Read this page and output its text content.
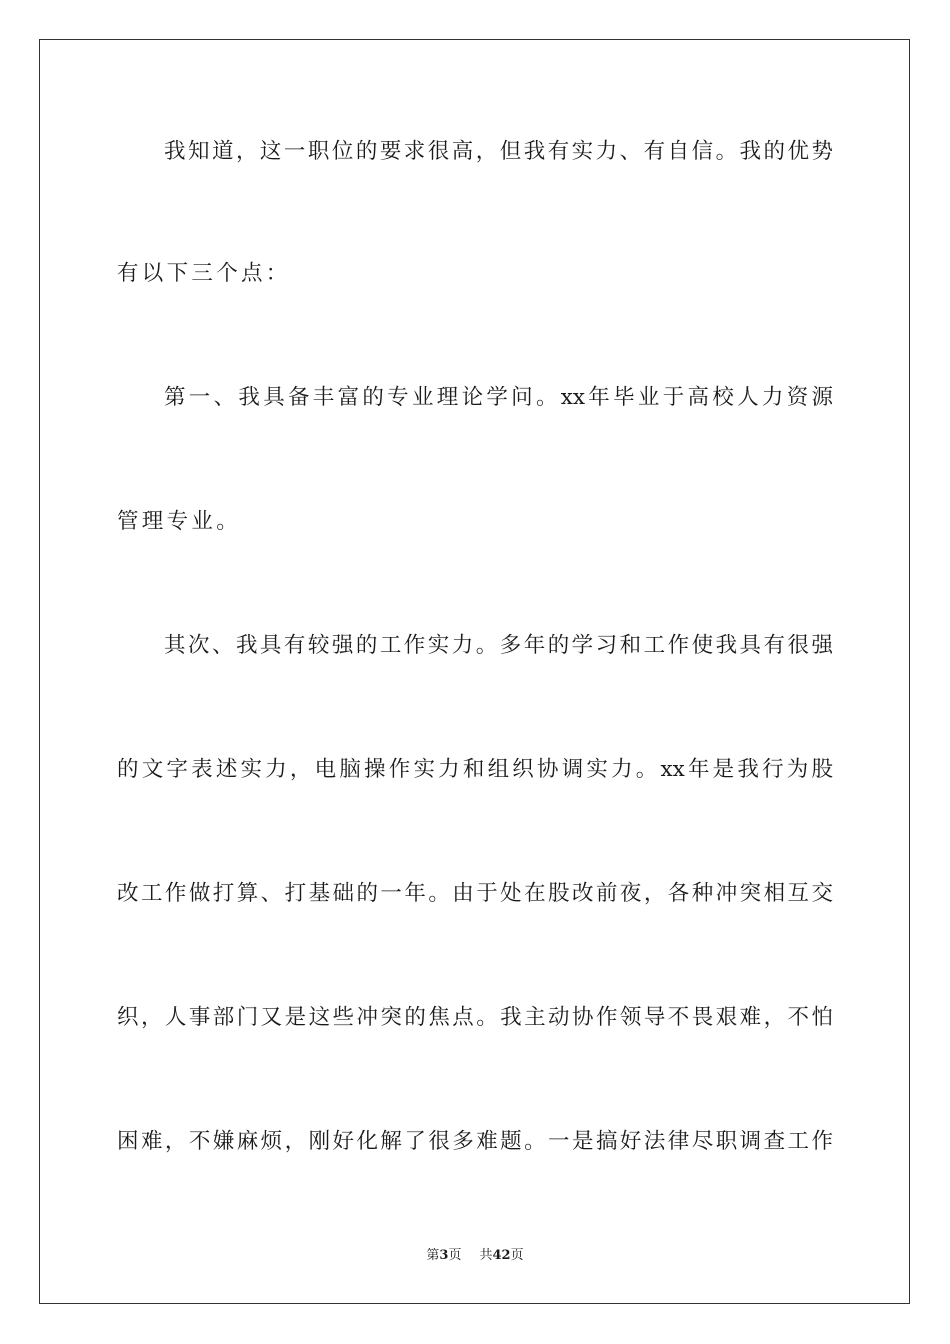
我知道，这一职位的要求很高，但我有实力、有自信。我的优势
有以下三个点：
第一、我具备丰富的专业理论学问。xx年毕业于高校人力资源
管理专业。
其次、我具有较强的工作实力。多年的学习和工作使我具有很强
的文字表述实力，电脑操作实力和组织协调实力。xx年是我行为股
改工作做打算、打基础的一年。由于处在股改前夜，各种冲突相互交
织，人事部门又是这些冲突的焦点。我主动协作领导不畏艰难，不怕
困难，不嫌麻烦，刚好化解了很多难题。一是搞好法律尽职调查工作
第3页 共42页
